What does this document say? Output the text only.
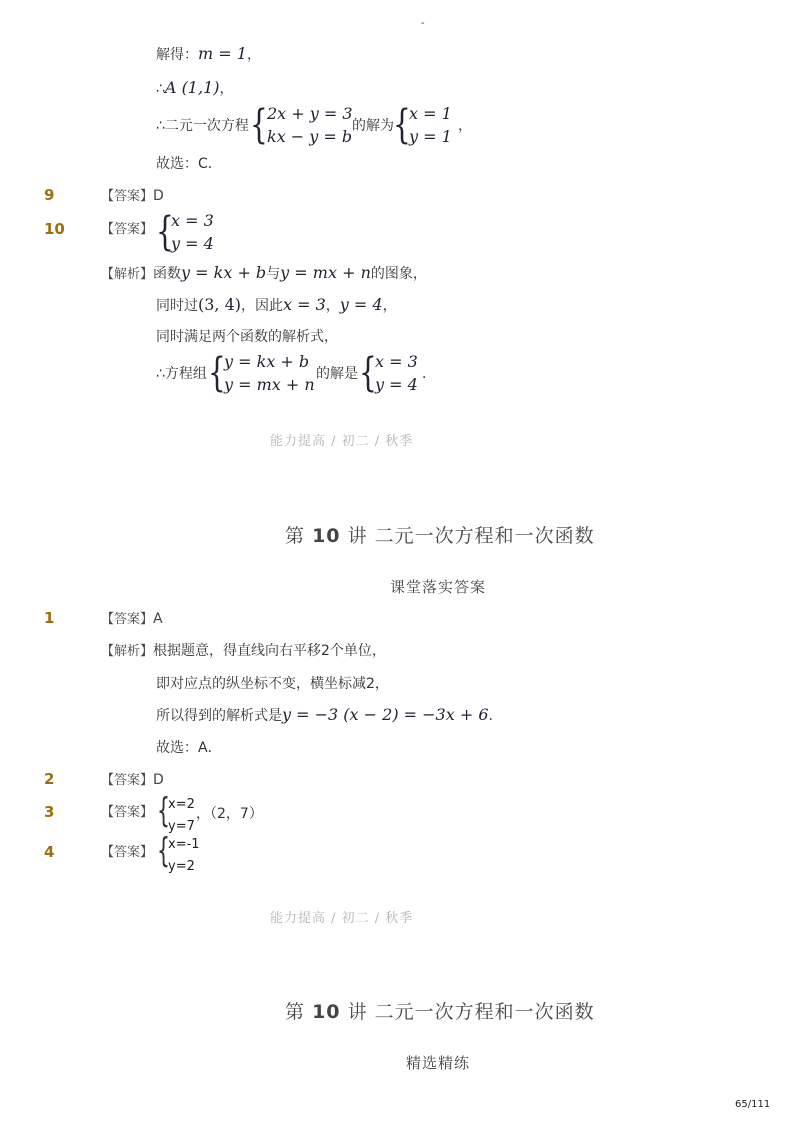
-
解得：m = 1，
∴A (1,1)，
∴二元一次方程 { 2x + y = 3
kx − y = b
的解为 {
x = 1
y = 1
，
故选：C．
9	【答案】D
10	【答案】 {
x = 3
y = 4
【解析】函数y = kx + b与y = mx + n的图象，
同时过(3, 4)，因此x = 3，y = 4，
同时满足两个函数的解析式，
∴方程组 {
y = kx + b
y = mx + n
的解是 {
x = 3
y = 4
．
能力提高 / 初二 / 秋季
第 10 讲 二元一次方程和一次函数
课堂落实答案
1	【答案】A
【解析】根据题意，得直线向右平移2个单位，
即对应点的纵坐标不变，横坐标减2，
所以得到的解析式是y = −3 (x − 2) = −3x + 6.
故选：A．
2	【答案】D
3	【答案】 {
x=2
y=7
，（2，7）
4	【答案】 {
x=-1
y=2
能力提高 / 初二 / 秋季
第 10 讲 二元一次方程和一次函数
精选精练
65/111
